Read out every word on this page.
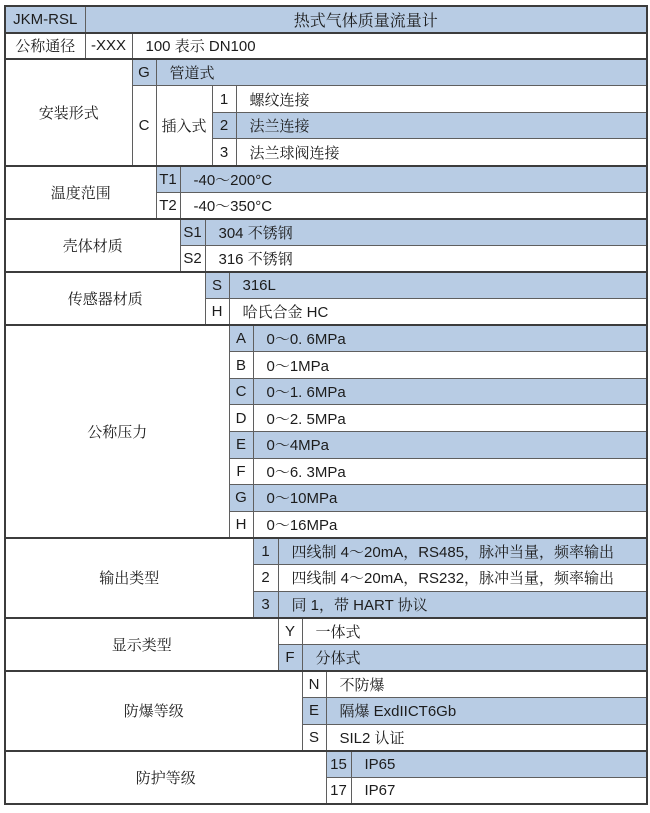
JKM-RSL	热式气体质量流量计												
公称通径	-XXX	100 表示 DN100											
安装形式		G	管道式										
		C	插入式			1		螺纹连接					
						2		法兰连接					
						3		法兰球阀连接					
温度范围			T1	-40～200°C									
			T2	-40～350°C									
壳体材质				S1	304 不锈钢								
				S2	316 不锈钢								
传感器材质					S		316L						
					H		哈氏合金 HC						
公称压力							A		0～0. 6MPa				
							B		0～1MPa				
							C		0～1. 6MPa				
							D		0～2. 5MPa				
							E		0～4MPa				
							F		0～6. 3MPa				
							G		0～10MPa				
							H		0～16MPa				
输出类型									1	四线制 4～20mA，RS485，脉冲当量，频率输出			
									2	四线制 4～20mA，RS232，脉冲当量，频率输出			
									3	同 1，带 HART 协议			
显示类型										Y	一体式		
										F	分体式		
防爆等级											N	不防爆	
											E	隔爆 ExdIICT6Gb	
											S	SIL2 认证	
防护等级												15	IP65
												17	IP67
